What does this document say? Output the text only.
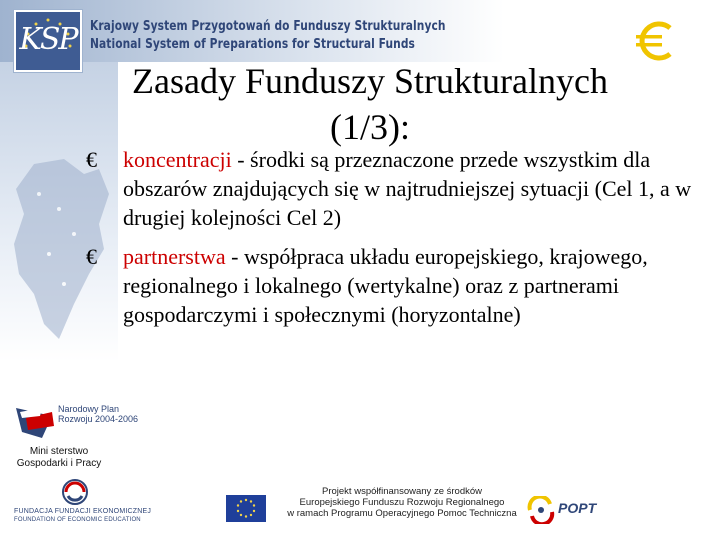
KSP Krajowy System Przygotowań do Funduszy Strukturalnych
National System of Preparations for Structural Funds
Zasady Funduszy Strukturalnych (1/3):
€ koncentracji - środki są przeznaczone przede wszystkim dla obszarów znajdujących się w najtrudniejszej sytuacji (Cel 1, a w drugiej kolejności Cel 2)
€ partnerstwa - współpraca układu europejskiego, krajowego, regionalnego i lokalnego (wertykalne) oraz z partnerami gospodarczymi i społecznymi (horyzontalne)
Narodowy Plan
Rozwoju 2004-2006
Mini sterstwo
Gospodarki i Pracy
FUNDACJA FUNDACJI EKONOMICZNEJ
FOUNDATION OF ECONOMIC EDUCATION
Projekt współfinansowany ze środków
Europejskiego Funduszu Rozwoju Regionalnego
w ramach Programu Operacyjnego Pomoc Techniczna	POPT
